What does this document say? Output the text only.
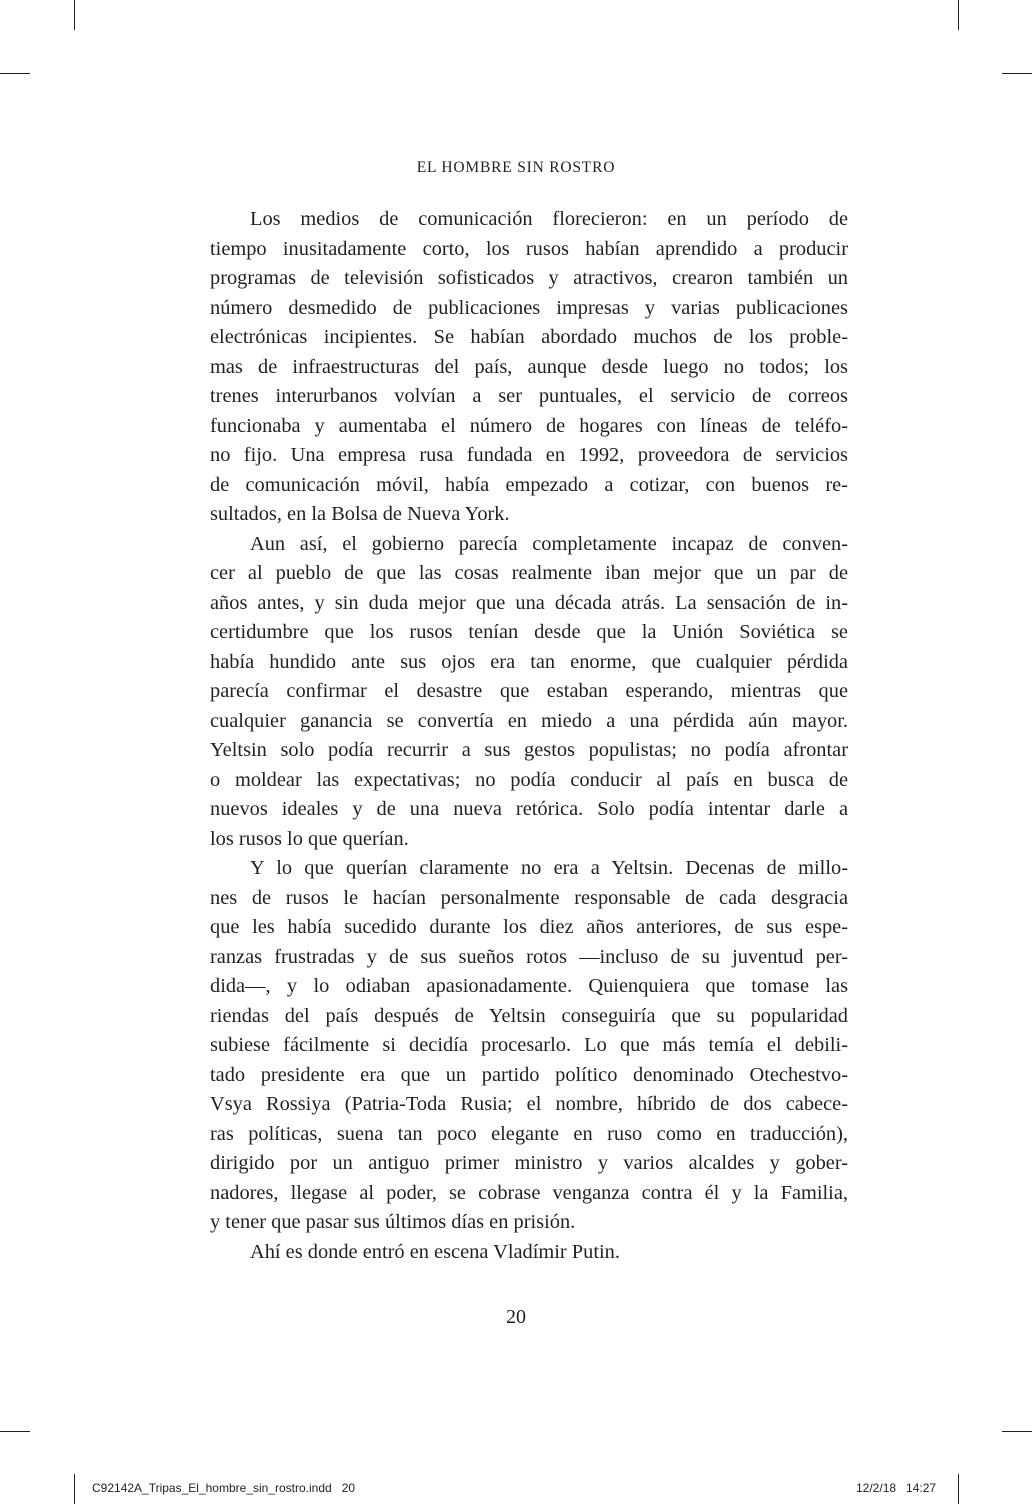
EL HOMBRE SIN ROSTRO
Los medios de comunicación florecieron: en un período de
tiempo inusitadamente corto, los rusos habían aprendido a producir
programas de televisión sofisticados y atractivos, crearon también un
número desmedido de publicaciones impresas y varias publicaciones
electrónicas incipientes. Se habían abordado muchos de los proble-
mas de infraestructuras del país, aunque desde luego no todos; los
trenes interurbanos volvían a ser puntuales, el servicio de correos
funcionaba y aumentaba el número de hogares con líneas de teléfo-
no fijo. Una empresa rusa fundada en 1992, proveedora de servicios
de comunicación móvil, había empezado a cotizar, con buenos re-
sultados, en la Bolsa de Nueva York.
Aun así, el gobierno parecía completamente incapaz de conven-
cer al pueblo de que las cosas realmente iban mejor que un par de
años antes, y sin duda mejor que una década atrás. La sensación de in-
certidumbre que los rusos tenían desde que la Unión Soviética se
había hundido ante sus ojos era tan enorme, que cualquier pérdida
parecía confirmar el desastre que estaban esperando, mientras que
cualquier ganancia se convertía en miedo a una pérdida aún mayor.
Yeltsin solo podía recurrir a sus gestos populistas; no podía afrontar
o moldear las expectativas; no podía conducir al país en busca de
nuevos ideales y de una nueva retórica. Solo podía intentar darle a
los rusos lo que querían.
Y lo que querían claramente no era a Yeltsin. Decenas de millo-
nes de rusos le hacían personalmente responsable de cada desgracia
que les había sucedido durante los diez años anteriores, de sus espe-
ranzas frustradas y de sus sueños rotos —incluso de su juventud per-
dida—, y lo odiaban apasionadamente. Quienquiera que tomase las
riendas del país después de Yeltsin conseguiría que su popularidad
subiese fácilmente si decidía procesarlo. Lo que más temía el debili-
tado presidente era que un partido político denominado Otechestvo-
Vsya Rossiya (Patria-Toda Rusia; el nombre, híbrido de dos cabece-
ras políticas, suena tan poco elegante en ruso como en traducción),
dirigido por un antiguo primer ministro y varios alcaldes y gober-
nadores, llegase al poder, se cobrase venganza contra él y la Familia,
y tener que pasar sus últimos días en prisión.
Ahí es donde entró en escena Vladímir Putin.
20
C92142A_Tripas_El_hombre_sin_rostro.indd   20	12/2/18   14:27
